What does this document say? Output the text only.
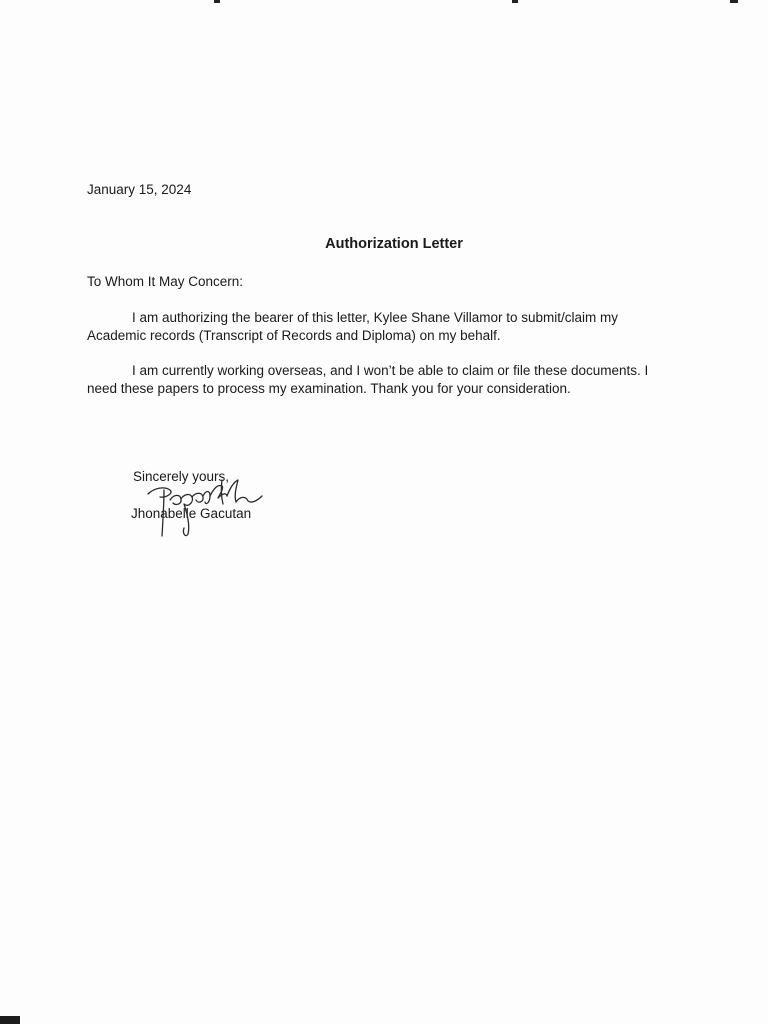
January 15, 2024
Authorization Letter
To Whom It May Concern:

I am authorizing the bearer of this letter, Kylee Shane Villamor to submit/claim my Academic records (Transcript of Records and Diploma) on my behalf.

I am currently working overseas, and I won’t be able to claim or file these documents. I need these papers to process my examination. Thank you for your consideration.

Sincerely yours,
Jhonabelle Gacutan
